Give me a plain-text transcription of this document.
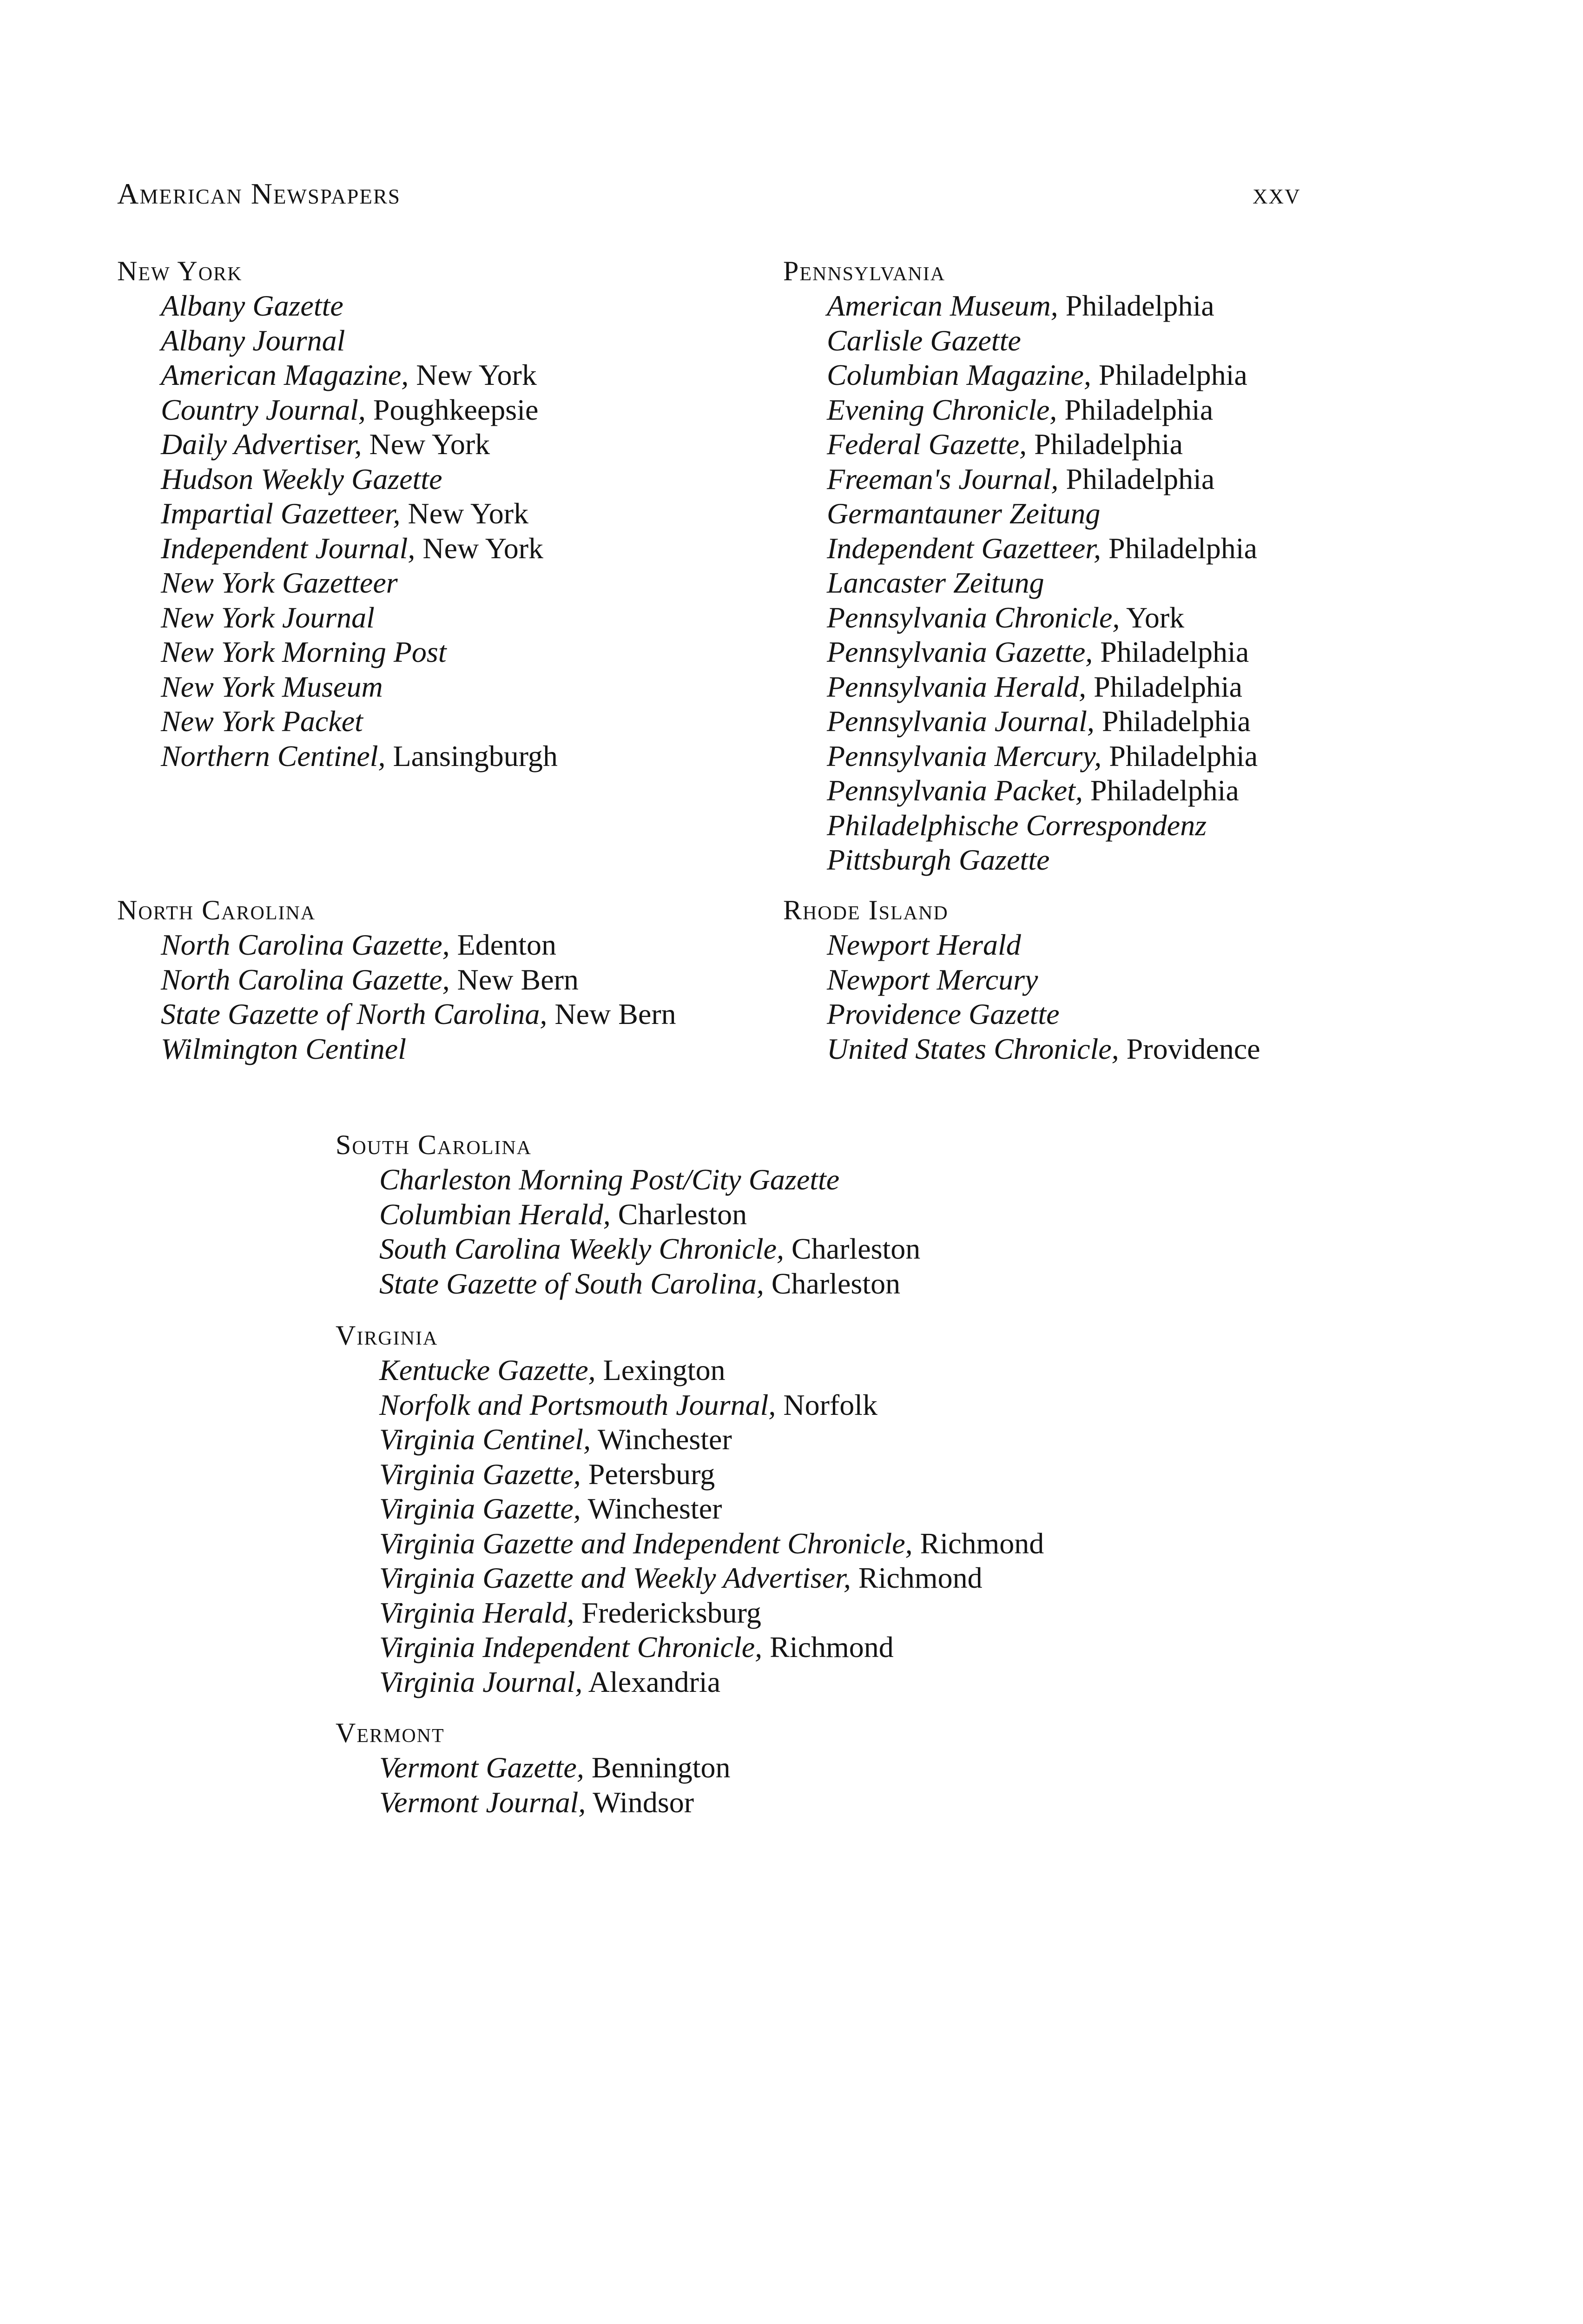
American Newspapers	xxv
New York
Albany Gazette
Albany Journal
American Magazine, New York
Country Journal, Poughkeepsie
Daily Advertiser, New York
Hudson Weekly Gazette
Impartial Gazetteer, New York
Independent Journal, New York
New York Gazetteer
New York Journal
New York Morning Post
New York Museum
New York Packet
Northern Centinel, Lansingburgh
Pennsylvania
American Museum, Philadelphia
Carlisle Gazette
Columbian Magazine, Philadelphia
Evening Chronicle, Philadelphia
Federal Gazette, Philadelphia
Freeman's Journal, Philadelphia
Germantauner Zeitung
Independent Gazetteer, Philadelphia
Lancaster Zeitung
Pennsylvania Chronicle, York
Pennsylvania Gazette, Philadelphia
Pennsylvania Herald, Philadelphia
Pennsylvania Journal, Philadelphia
Pennsylvania Mercury, Philadelphia
Pennsylvania Packet, Philadelphia
Philadelphische Correspondenz
Pittsburgh Gazette
North Carolina
North Carolina Gazette, Edenton
North Carolina Gazette, New Bern
State Gazette of North Carolina, New Bern
Wilmington Centinel
Rhode Island
Newport Herald
Newport Mercury
Providence Gazette
United States Chronicle, Providence
South Carolina
Charleston Morning Post/City Gazette
Columbian Herald, Charleston
South Carolina Weekly Chronicle, Charleston
State Gazette of South Carolina, Charleston
Virginia
Kentucke Gazette, Lexington
Norfolk and Portsmouth Journal, Norfolk
Virginia Centinel, Winchester
Virginia Gazette, Petersburg
Virginia Gazette, Winchester
Virginia Gazette and Independent Chronicle, Richmond
Virginia Gazette and Weekly Advertiser, Richmond
Virginia Herald, Fredericksburg
Virginia Independent Chronicle, Richmond
Virginia Journal, Alexandria
Vermont
Vermont Gazette, Bennington
Vermont Journal, Windsor
